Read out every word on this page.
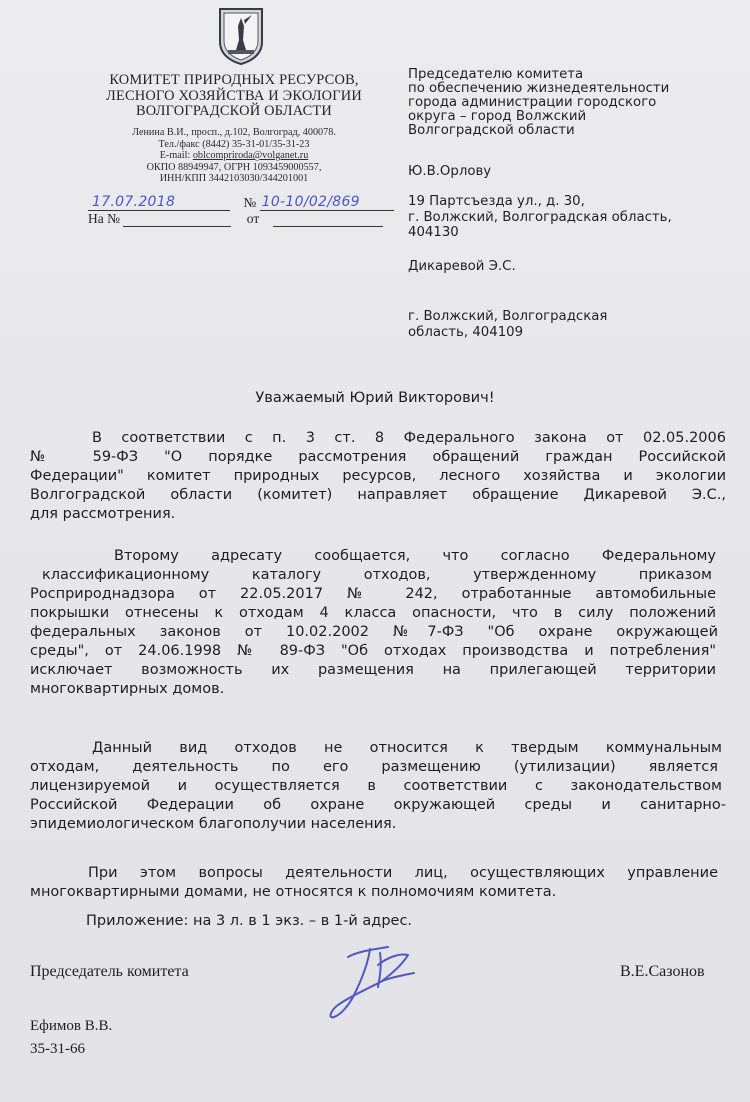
КОМИТЕТ ПРИРОДНЫХ РЕСУРСОВ,
ЛЕСНОГО ХОЗЯЙСТВА И ЭКОЛОГИИ
ВОЛГОГРАДСКОЙ ОБЛАСТИ
Ленина В.И., просп., д.102, Волгоград, 400078.
Тел./факс (8442) 35-31-01/35-31-23
E-mail: oblcompriroda@volganet.ru
ОКПО 88949947, ОГРН 1093459000557,
ИНН/КПП 3442103030/344201001
17.07.2018	№ 10-10/02/869
На №	от
Председателю комитета
по обеспечению жизнедеятельности
города администрации городского
округа – город Волжский
Волгоградской области
Ю.В.Орлову
19 Партсъезда ул., д. 30,
г. Волжский, Волгоградская область,
404130
Дикаревой Э.С.
г. Волжский, Волгоградская
область, 404109
Уважаемый Юрий Викторович!
В соответствии с п. 3 ст. 8 Федерального закона от 02.05.2006
№ 59-ФЗ "О порядке рассмотрения обращений граждан Российской
Федерации" комитет природных ресурсов, лесного хозяйства и экологии
Волгоградской области (комитет) направляет обращение Дикаревой Э.С.,
для рассмотрения.
Второму адресату сообщается, что согласно Федеральному
классификационному каталогу отходов, утвержденному приказом
Росприроднадзора от 22.05.2017 № 242, отработанные автомобильные
покрышки отнесены к отходам 4 класса опасности, что в силу положений
федеральных законов от 10.02.2002 №7-ФЗ "Об охране окружающей
среды", от 24.06.1998 № 89-ФЗ "Об отходах производства и потребления"
исключает возможность их размещения на прилегающей территории
многоквартирных домов.
Данный вид отходов не относится к твердым коммунальным
отходам, деятельность по его размещению (утилизации) является
лицензируемой и осуществляется в соответствии с законодательством
Российской Федерации об охране окружающей среды и санитарно-
эпидемиологическом благополучии населения.
При этом вопросы деятельности лиц, осуществляющих управление
многоквартирными домами, не относятся к полномочиям комитета.
Приложение: на 3 л. в 1 экз. – в 1-й адрес.
Председатель комитета	В.Е.Сазонов
Ефимов В.В.
35-31-66
